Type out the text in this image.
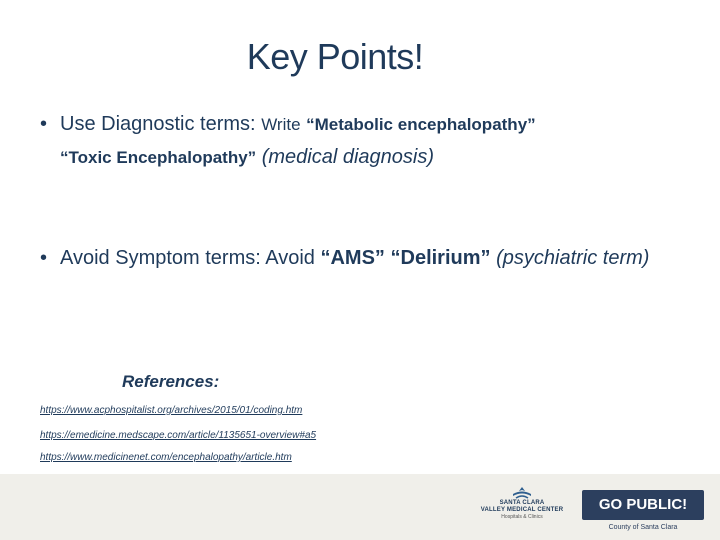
Key Points!
• Use Diagnostic terms: Write “Metabolic encephalopathy”
“Toxic Encephalopathy” (medical diagnosis)
• Avoid Symptom terms: Avoid “AMS” “Delirium” (psychiatric term)
References:
https://www.acphospitalist.org/archives/2015/01/coding.htm
https://emedicine.medscape.com/article/1135651-overview#a5
https://www.medicinenet.com/encephalopathy/article.htm
SANTA CLARA
VALLEY MEDICAL CENTER
Hospitals & Clinics
GO PUBLIC!
County of Santa Clara
